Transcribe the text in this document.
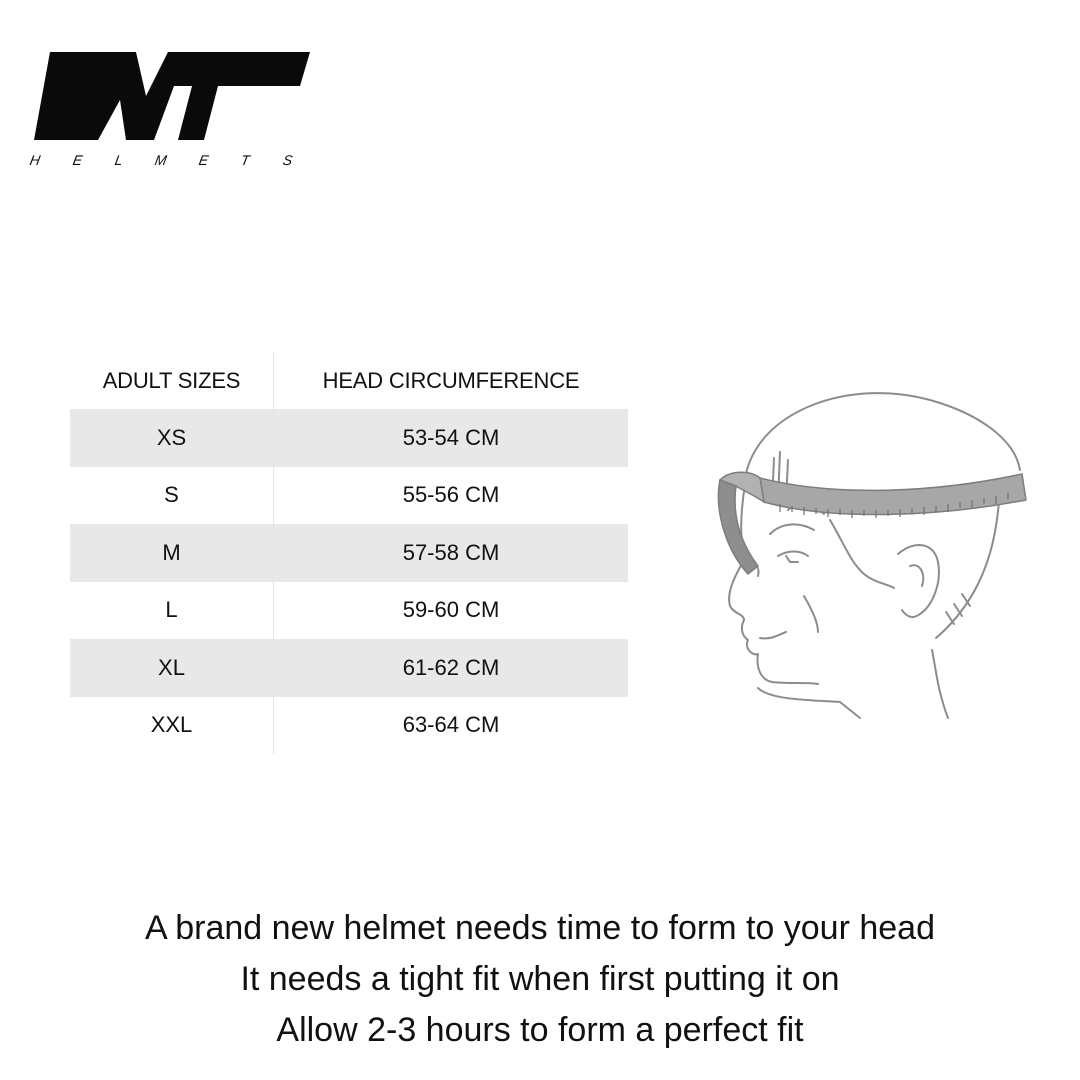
H E L M E T S
ADULT SIZES	HEAD CIRCUMFERENCE
XS	53-54 CM
S	55-56 CM
M	57-58 CM
L	59-60 CM
XL	61-62 CM
XXL	63-64 CM

A brand new helmet needs time to form to your head

It needs a tight fit when first putting it on

Allow 2-3 hours to form a perfect fit
